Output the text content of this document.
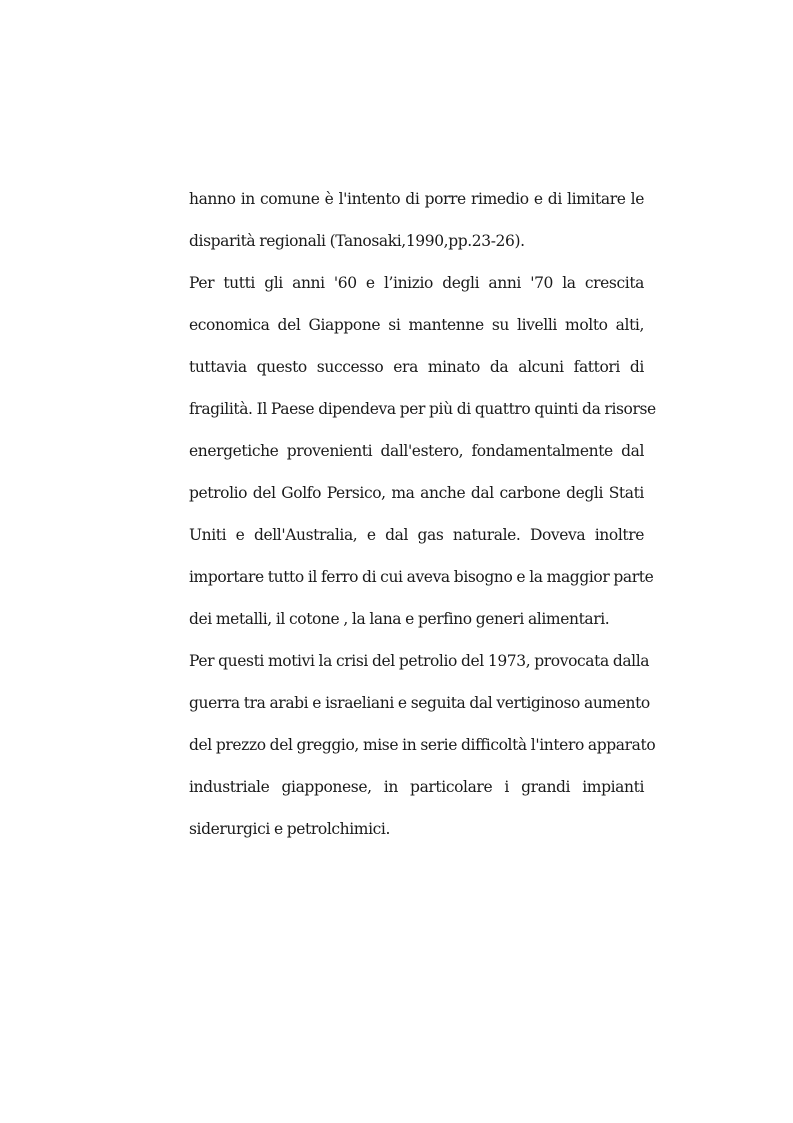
hanno in comune è l'intento di porre rimedio e di limitare le
disparità regionali (Tanosaki,1990,pp.23-26).
Per tutti gli anni '60 e l’inizio degli anni '70 la crescita
economica del Giappone si mantenne su livelli molto alti,
tuttavia questo successo era minato da alcuni fattori di
fragilità. Il Paese dipendeva per più di quattro quinti da risorse
energetiche provenienti dall'estero, fondamentalmente dal
petrolio del Golfo Persico, ma anche dal carbone degli Stati
Uniti e dell'Australia, e dal gas naturale. Doveva inoltre
importare tutto il ferro di cui aveva bisogno e la maggior parte
dei metalli, il cotone , la lana e perfino generi alimentari.
Per questi motivi la crisi del petrolio del 1973, provocata dalla
guerra tra arabi e israeliani e seguita dal vertiginoso aumento
del prezzo del greggio, mise in serie difficoltà l'intero apparato
industriale giapponese, in particolare i grandi impianti
siderurgici e petrolchimici.
